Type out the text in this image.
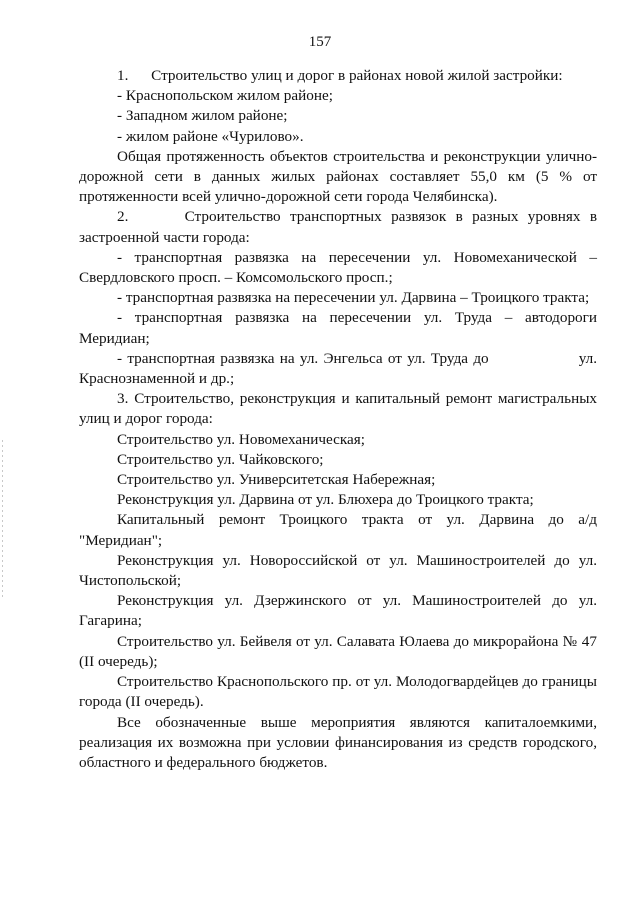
157

1.      Строительство улиц и дорог в районах новой жилой застройки:

- Краснопольском жилом районе;

- Западном жилом районе;

- жилом районе «Чурилово».

Общая протяженность объектов строительства и реконструкции улично-дорожной сети в данных жилых районах составляет 55,0 км (5 % от протяженности всей улично-дорожной сети города Челябинска).

2.      Строительство транспортных развязок в разных уровнях в застроенной части города:

- транспортная развязка на пересечении ул. Новомеханической – Свердловского просп. – Комсомольского просп.;

- транспортная развязка на пересечении ул. Дарвина – Троицкого тракта;

- транспортная развязка на пересечении ул. Труда – автодороги Меридиан;

- транспортная развязка на ул. Энгельса от ул. Труда до                 ул. Краснознаменной и др.;

3. Строительство, реконструкция и капитальный ремонт магистральных улиц и дорог города:

Строительство ул. Новомеханическая;

Строительство ул. Чайковского;

Строительство ул. Университетская Набережная;

Реконструкция ул. Дарвина от ул. Блюхера до Троицкого тракта;

Капитальный ремонт Троицкого тракта от ул. Дарвина до а/д "Меридиан";

Реконструкция ул. Новороссийской от ул. Машиностроителей до ул. Чистопольской;

Реконструкция ул. Дзержинского от ул. Машиностроителей до ул. Гагарина;

Строительство ул. Бейвеля от ул. Салавата Юлаева до микрорайона № 47 (II очередь);

Строительство Краснопольского пр. от ул. Молодогвардейцев до границы города (II очередь).

Все обозначенные выше мероприятия являются капиталоемкими, реализация их возможна при условии финансирования из средств городского, областного и федерального бюджетов.
